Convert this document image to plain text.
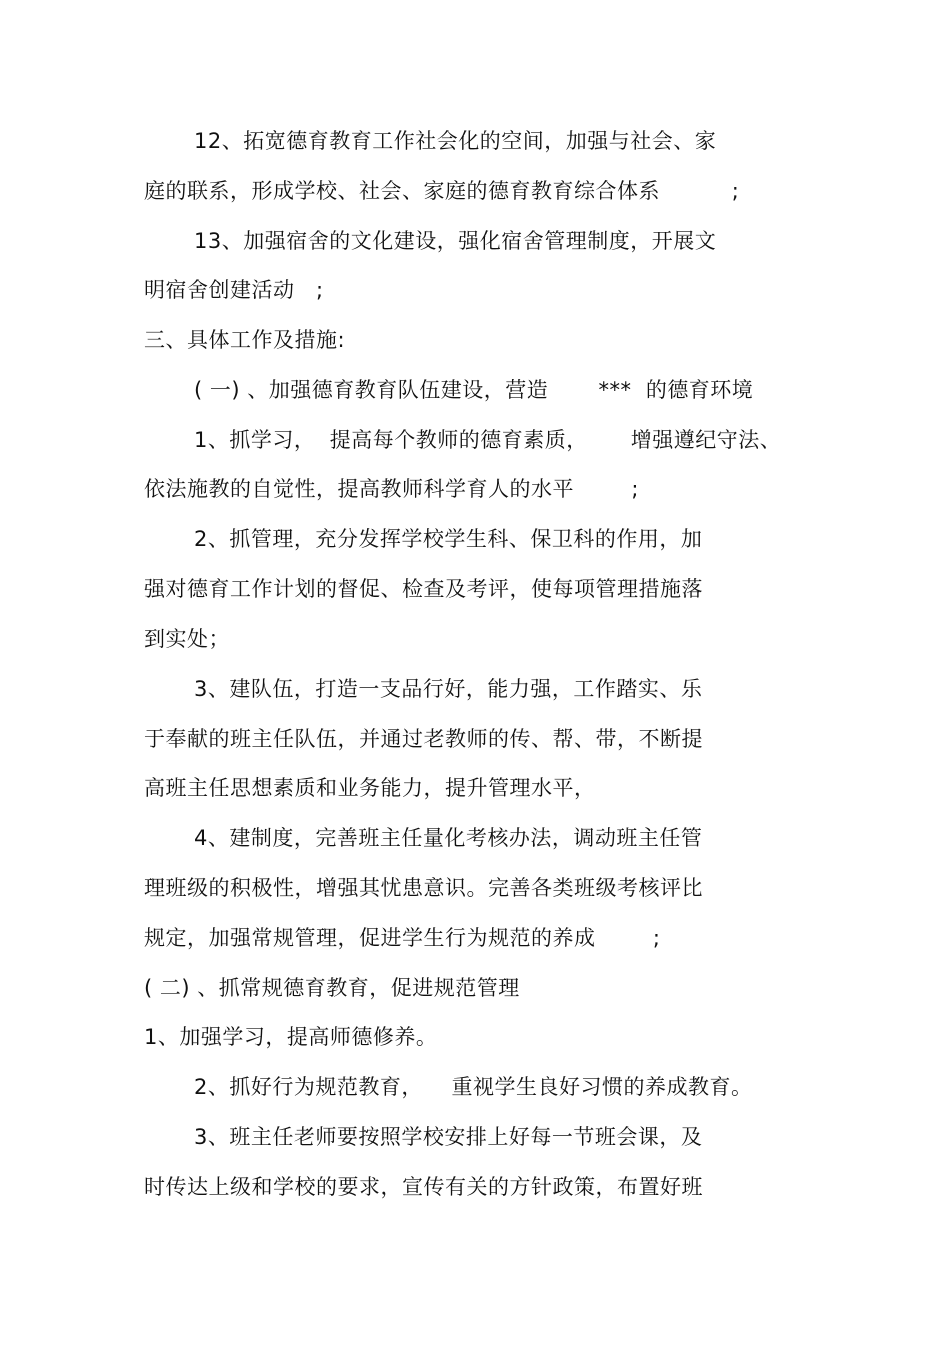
12、拓宽德育教育工作社会化的空间，加强与社会、家
庭的联系，形成学校、社会、家庭的德育教育综合体系          ;
13、加强宿舍的文化建设，强化宿舍管理制度，开展文
明宿舍创建活动   ;
三、具体工作及措施:
( 一) 、加强德育教育队伍建设，营造       ***  的德育环境
1、抓学习，  提高每个教师的德育素质，      增强遵纪守法、
依法施教的自觉性，提高教师科学育人的水平        ;
2、抓管理，充分发挥学校学生科、保卫科的作用，加
强对德育工作计划的督促、检查及考评，使每项管理措施落
到实处；
3、建队伍，打造一支品行好，能力强，工作踏实、乐
于奉献的班主任队伍，并通过老教师的传、帮、带，不断提
高班主任思想素质和业务能力，提升管理水平，
4、建制度，完善班主任量化考核办法，调动班主任管
理班级的积极性，增强其忧患意识。完善各类班级考核评比
规定，加强常规管理，促进学生行为规范的养成        ;
( 二) 、抓常规德育教育，促进规范管理
1、加强学习，提高师德修养。
2、抓好行为规范教育，    重视学生良好习惯的养成教育。
3、班主任老师要按照学校安排上好每一节班会课，及
时传达上级和学校的要求，宣传有关的方针政策，布置好班
